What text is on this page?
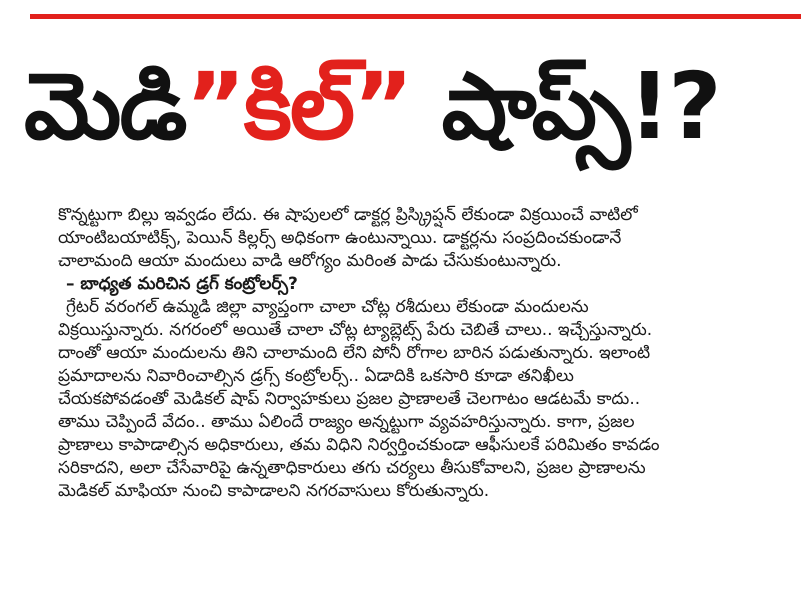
మెడి”కిల్” షాప్స్!?

కొన్నట్టుగా బిల్లు ఇవ్వడం లేదు. ఈ షాపులలో డాక్టర్ల ప్రిస్క్రిప్షన్ లేకుండా విక్రయించే వాటిలో
యాంటిబయాటిక్స్, పెయిన్ కిల్లర్స్ అధికంగా ఉంటున్నాయి. డాక్టర్లను సంప్రదించకుండానే
చాలామంది ఆయా మందులు వాడి ఆరోగ్యం మరింత పాడు చేసుకుంటున్నారు.

– బాధ్యత మరిచిన డ్రగ్ కంట్రోలర్స్?

గ్రేటర్ వరంగల్ ఉమ్మడి జిల్లా వ్యాప్తంగా చాలా చోట్ల రశీదులు లేకుండా మందులను
విక్రయిస్తున్నారు. నగరంలో అయితే చాలా చోట్ల ట్యాబ్లెట్స్ పేరు చెబితే చాలు.. ఇచ్చేస్తున్నారు.
దాంతో ఆయా మందులను తిని చాలామంది లేని పోనీ రోగాల బారిన పడుతున్నారు. ఇలాంటి
ప్రమాదాలను నివారించాల్సిన డ్రగ్స్ కంట్రోలర్స్.. ఏడాదికి ఒకసారి కూడా తనిఖీలు
చేయకపోవడంతో మెడికల్ షాప్ నిర్వాహకులు ప్రజల ప్రాణాలతే చెలగాటం ఆడటమే కాదు..
తాము చెప్పిందే వేదం.. తాము ఏలిందే రాజ్యం అన్నట్టుగా వ్యవహరిస్తున్నారు. కాగా, ప్రజల
ప్రాణాలు కాపాడాల్సిన అధికారులు, తమ విధిని నిర్వర్తించకుండా ఆఫీసులకే పరిమితం కావడం
సరికాదని, అలా చేసేవారిపై ఉన్నతాధికారులు తగు చర్యలు తీసుకోవాలని, ప్రజల ప్రాణాలను
మెడికల్ మాఫియా నుంచి కాపాడాలని నగరవాసులు కోరుతున్నారు.
